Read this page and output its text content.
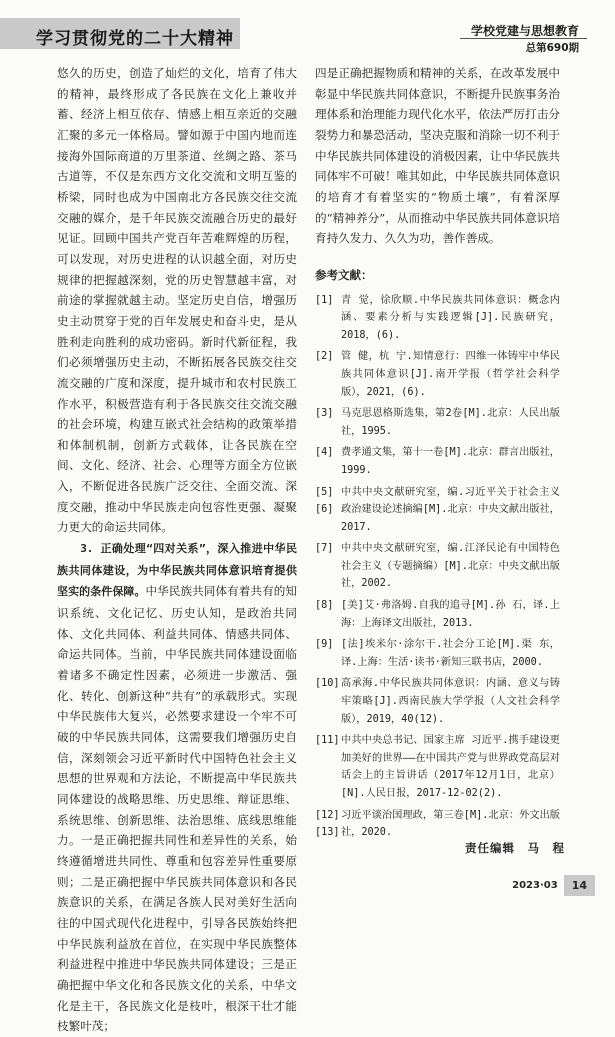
学习贯彻党的二十大精神	学校党建与思想教育
总第690期

悠久的历史，创造了灿烂的文化，培育了伟大的精神，最终形成了各民族在文化上兼收并蓄、经济上相互依存、情感上相互亲近的交融汇聚的多元一体格局。譬如源于中国内地而连接海外国际商道的万里茶道、丝绸之路、茶马古道等，不仅是东西方文化交流和文明互鉴的桥梁，同时也成为中国南北方各民族交往交流交融的媒介，是千年民族交流融合历史的最好见证。回顾中国共产党百年苦难辉煌的历程，可以发现，对历史进程的认识越全面，对历史规律的把握越深刻，党的历史智慧越丰富，对前途的掌握就越主动。坚定历史自信，增强历史主动贯穿于党的百年发展史和奋斗史，是从胜利走向胜利的成功密码。新时代新征程，我们必须增强历史主动，不断拓展各民族交往交流交融的广度和深度，提升城市和农村民族工作水平，积极营造有利于各民族交往交流交融的社会环境，构建互嵌式社会结构的政策举措和体制机制，创新方式载体，让各民族在空间、文化、经济、社会、心理等方面全方位嵌入，不断促进各民族广泛交往、全面交流、深度交融，推动中华民族走向包容性更强、凝聚力更大的命运共同体。

3. 正确处理“四对关系”，深入推进中华民族共同体建设，为中华民族共同体意识培育提供坚实的条件保障。中华民族共同体有着共有的知识系统、文化记忆、历史认知，是政治共同体、文化共同体、利益共同体、情感共同体、命运共同体。当前，中华民族共同体建设面临着诸多不确定性因素，必须进一步激活、强化、转化、创新这种“共有”的承载形式。实现中华民族伟大复兴，必然要求建设一个牢不可破的中华民族共同体，这需要我们增强历史自信，深刻领会习近平新时代中国特色社会主义思想的世界观和方法论，不断提高中华民族共同体建设的战略思维、历史思维、辩证思维、系统思维、创新思维、法治思维、底线思维能力。一是正确把握共同性和差异性的关系，始终遵循增进共同性、尊重和包容差异性重要原则；二是正确把握中华民族共同体意识和各民族意识的关系，在满足各族人民对美好生活向往的中国式现代化进程中，引导各民族始终把中华民族利益放在首位，在实现中华民族整体利益进程中推进中华民族共同体建设；三是正确把握中华文化和各民族文化的关系，中华文化是主干，各民族文化是枝叶，根深干壮才能枝繁叶茂；

四是正确把握物质和精神的关系，在改革发展中彰显中华民族共同体意识，不断提升民族事务治理体系和治理能力现代化水平，依法严厉打击分裂势力和暴恐活动，坚决克服和消除一切不利于中华民族共同体建设的消极因素，让中华民族共同体牢不可破！唯其如此，中华民族共同体意识的培育才有着坚实的“物质土壤”，有着深厚的“精神养分”，从而推动中华民族共同体意识培育持久发力、久久为功，善作善成。

参考文献：
[1] 青 觉，徐欣顺.中华民族共同体意识：概念内涵、要素分析与实践逻辑[J].民族研究，2018，(6).
[2] 管 健，杭 宁.知情意行：四维一体铸牢中华民族共同体意识[J].南开学报（哲学社会科学版），2021，(6).
[3] 马克思恩格斯选集，第2卷[M].北京：人民出版社，1995.
[4] 费孝通文集，第十一卷[M].北京：群言出版社，1999.
[5][6]
中共中央文献研究室，编.习近平关于社会主义政治建设论述摘编[M].北京：中央文献出版社，2017.
[7] 中共中央文献研究室，编.江泽民论有中国特色社会主义（专题摘编）[M].北京：中央文献出版社，2002.
[8] [美]艾·弗洛姆.自我的追寻[M].孙 石，译.上海：上海译文出版社，2013.
[9] [法]埃米尔·涂尔干.社会分工论[M].渠 东，译.上海：生活·读书·新知三联书店，2000.
[10] 高承海.中华民族共同体意识：内涵、意义与铸牢策略[J].西南民族大学学报（人文社会科学版），2019，40(12).
[11] 中共中央总书记、国家主席 习近平.携手建设更加美好的世界——在中国共产党与世界政党高层对话会上的主旨讲话（2017年12月1日，北京）[N].人民日报，2017-12-02(2).
[12][13]
习近平谈治国理政，第三卷[M].北京：外文出版社，2020.
责任编辑　马　程
2023·03	14
